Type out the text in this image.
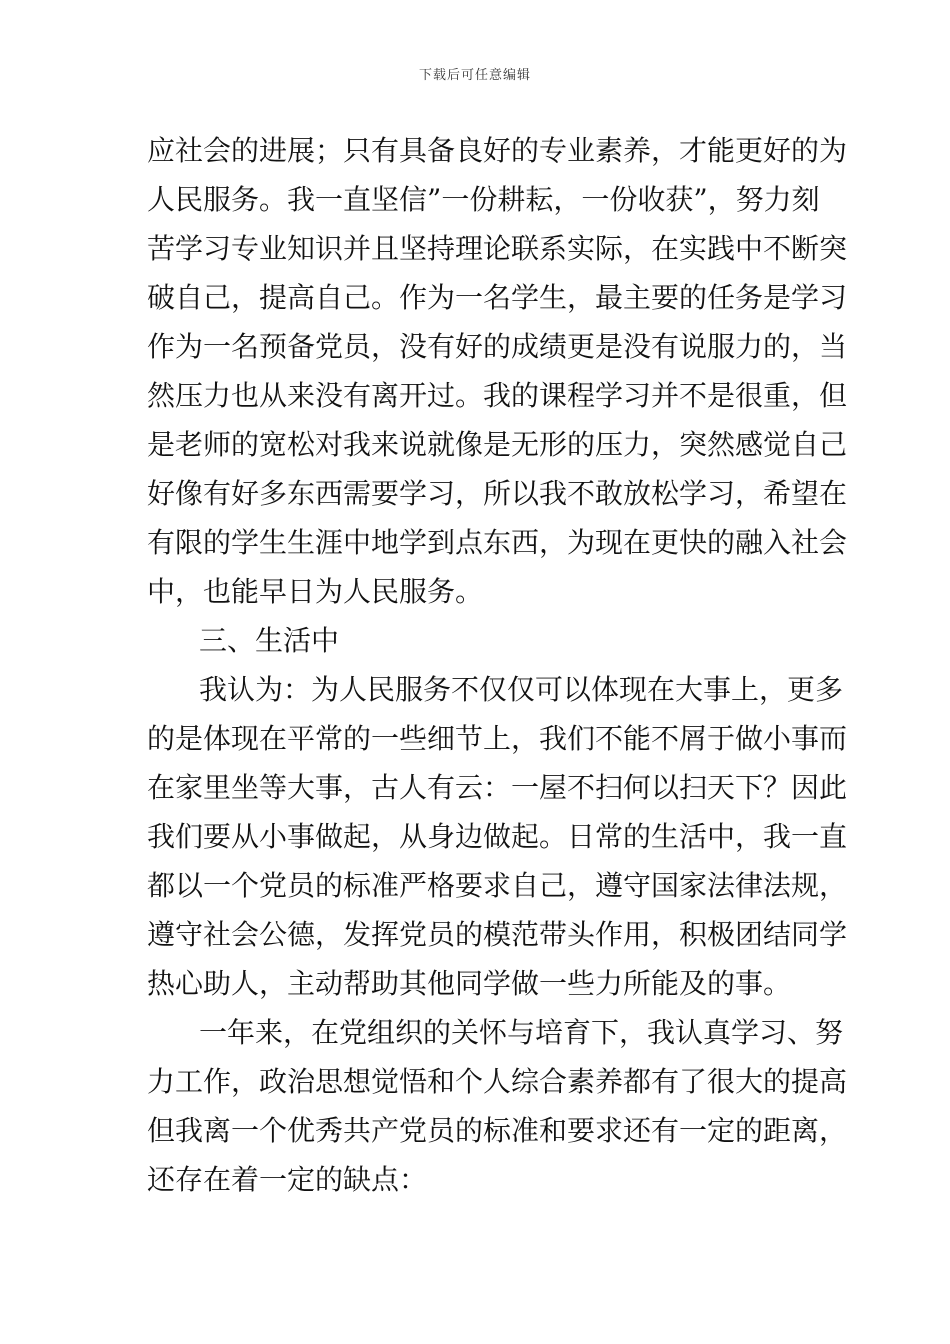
下载后可任意编辑
应社会的进展；只有具备良好的专业素养，才能更好的为
人民服务。我一直坚信”一份耕耘，一份收获”，努力刻
苦学习专业知识并且坚持理论联系实际，在实践中不断突
破自己，提高自己。作为一名学生，最主要的任务是学习
作为一名预备党员，没有好的成绩更是没有说服力的，当
然压力也从来没有离开过。我的课程学习并不是很重，但
是老师的宽松对我来说就像是无形的压力，突然感觉自己
好像有好多东西需要学习，所以我不敢放松学习，希望在
有限的学生生涯中地学到点东西，为现在更快的融入社会
中，也能早日为人民服务。
三、生活中
我认为：为人民服务不仅仅可以体现在大事上，更多
的是体现在平常的一些细节上，我们不能不屑于做小事而
在家里坐等大事，古人有云：一屋不扫何以扫天下？因此
我们要从小事做起，从身边做起。日常的生活中，我一直
都以一个党员的标准严格要求自己，遵守国家法律法规，
遵守社会公德，发挥党员的模范带头作用，积极团结同学
热心助人，主动帮助其他同学做一些力所能及的事。
一年来，在党组织的关怀与培育下，我认真学习、努
力工作，政治思想觉悟和个人综合素养都有了很大的提高
但我离一个优秀共产党员的标准和要求还有一定的距离，
还存在着一定的缺点：
